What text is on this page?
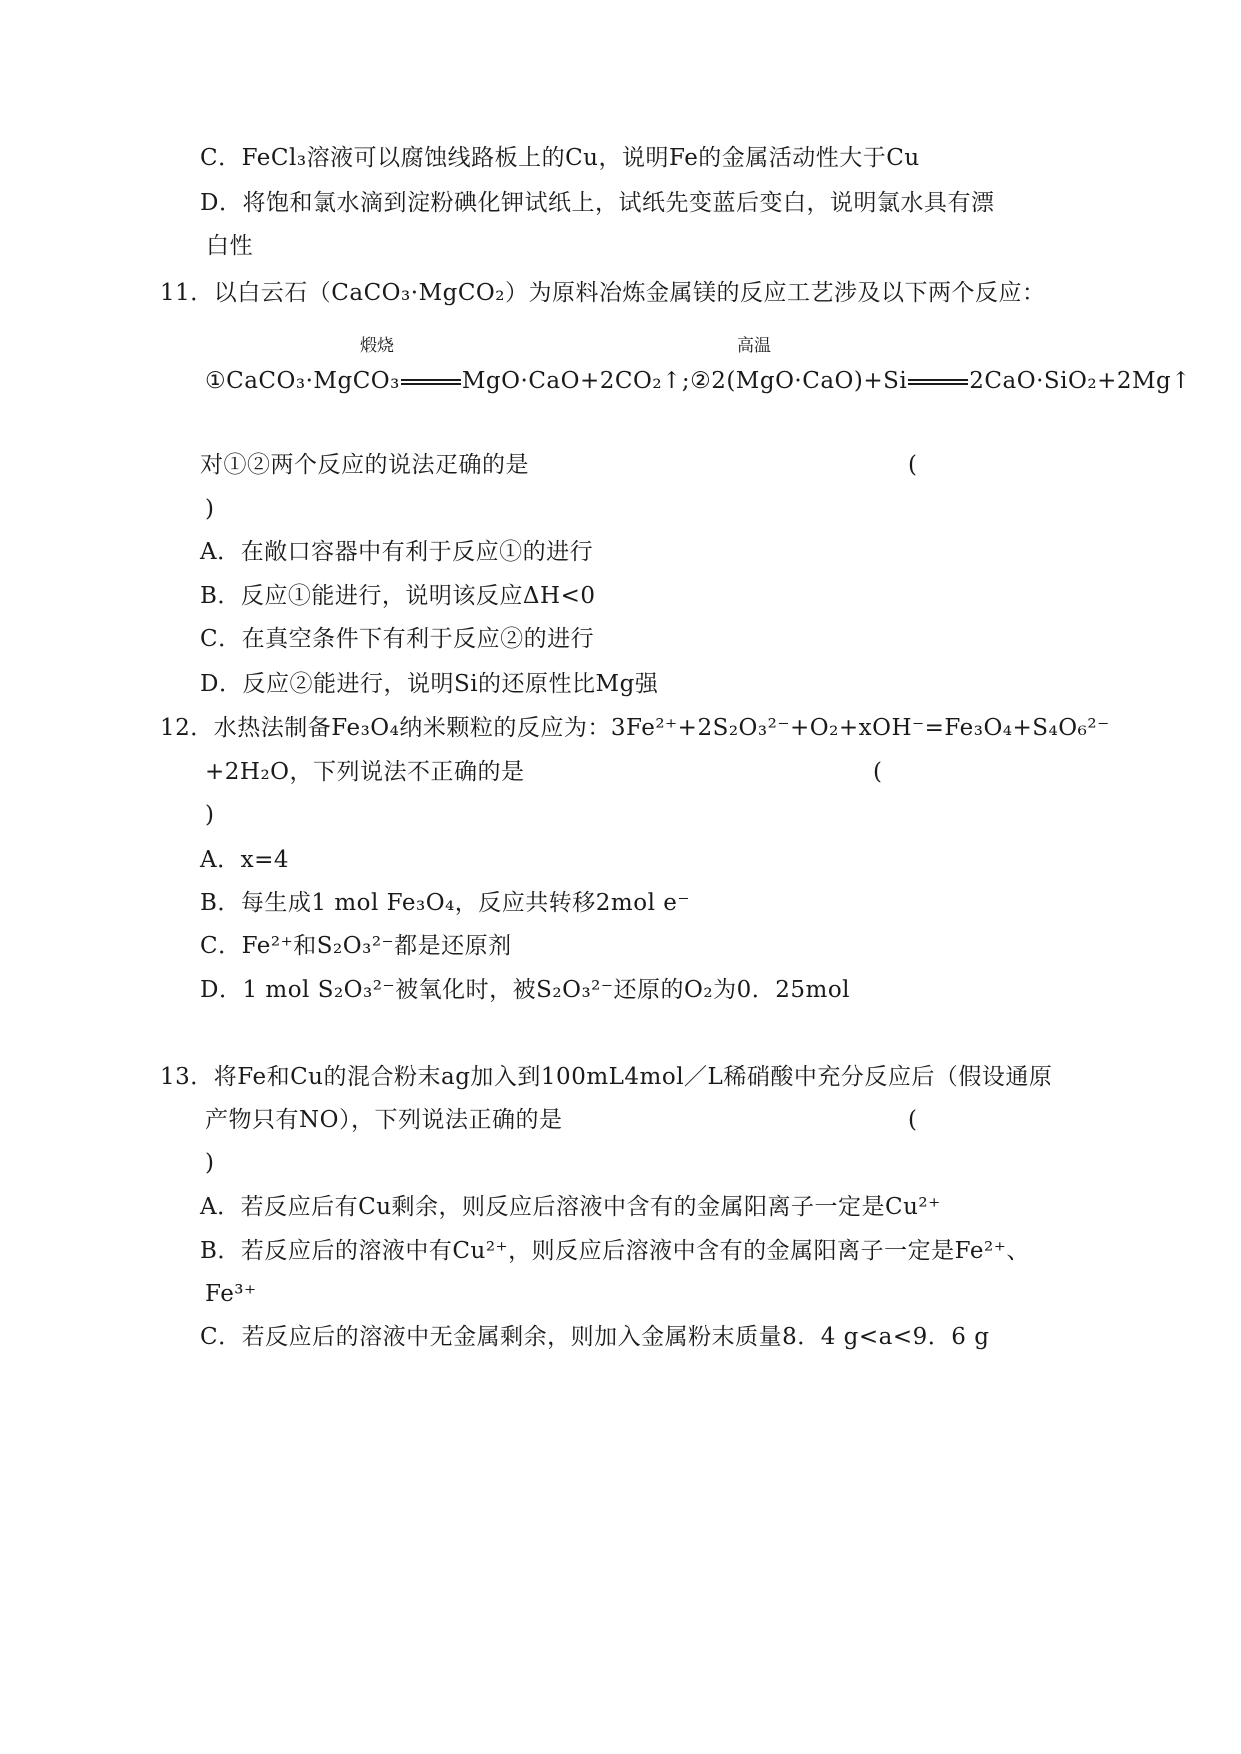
C．FeCl₃溶液可以腐蚀线路板上的Cu，说明Fe的金属活动性大于Cu
D．将饱和氯水滴到淀粉碘化钾试纸上，试纸先变蓝后变白，说明氯水具有漂
白性
11．以白云石（CaCO₃·MgCO₂）为原料冶炼金属镁的反应工艺涉及以下两个反应：
煅烧	高温
①CaCO₃·MgCO₃	MgO·CaO+2CO₂↑;②2(MgO·CaO)+Si	2CaO·SiO₂+2Mg↑
对①②两个反应的说法疋确的是	(
)
A．在敞口容器中有利于反应①的进行
B．反应①能进行，说明该反应ΔH<0
C．在真空条件下有利于反应②的进行
D．反应②能进行，说明Si的还原性比Mg强
12．水热法制备Fe₃O₄纳米颗粒的反应为：3Fe²⁺+2S₂O₃²⁻+O₂+xOH⁻=Fe₃O₄+S₄O₆²⁻
+2H₂O，下列说法不正确的是	(
)
A．x=4
B．每生成1 mol Fe₃O₄，反应共转移2mol e⁻
C．Fe²⁺和S₂O₃²⁻都是还原剂
D．1 mol S₂O₃²⁻被氧化时，被S₂O₃²⁻还原的O₂为0．25mol
13．将Fe和Cu的混合粉末ag加入到100mL4mol／L稀硝酸中充分反应后（假设通原
产物只有NO），下列说法正确的是	(
)
A．若反应后有Cu剩余，则反应后溶液中含有的金属阳离子一定是Cu²⁺
B．若反应后的溶液中有Cu²⁺，则反应后溶液中含有的金属阳离子一定是Fe²⁺、
Fe³⁺
C．若反应后的溶液中无金属剩余，则加入金属粉末质量8．4 g<a<9．6 g
